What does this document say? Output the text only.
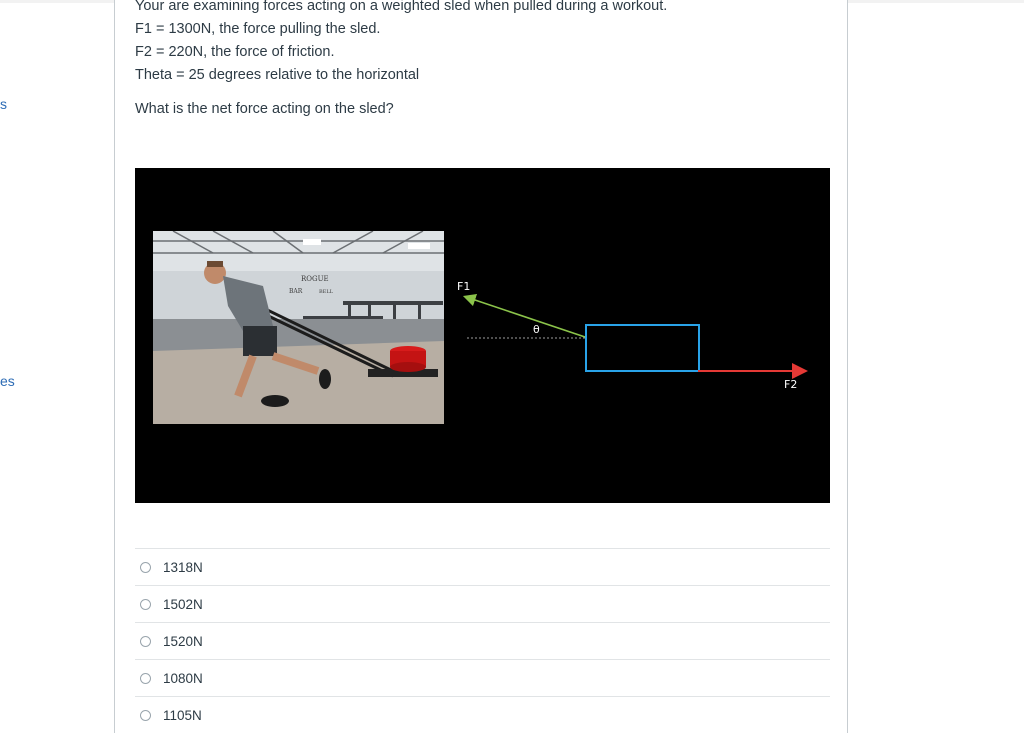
s
es
Your are examining forces acting on a weighted sled when pulled during a workout.
F1 = 1300N, the force pulling the sled.
F2 = 220N, the force of friction.
Theta = 25 degrees relative to the horizontal
What is the net force acting on the sled?
ROGUE
BAR	BELL	F1
θ
F2
1318N
1502N
1520N
1080N
1105N
